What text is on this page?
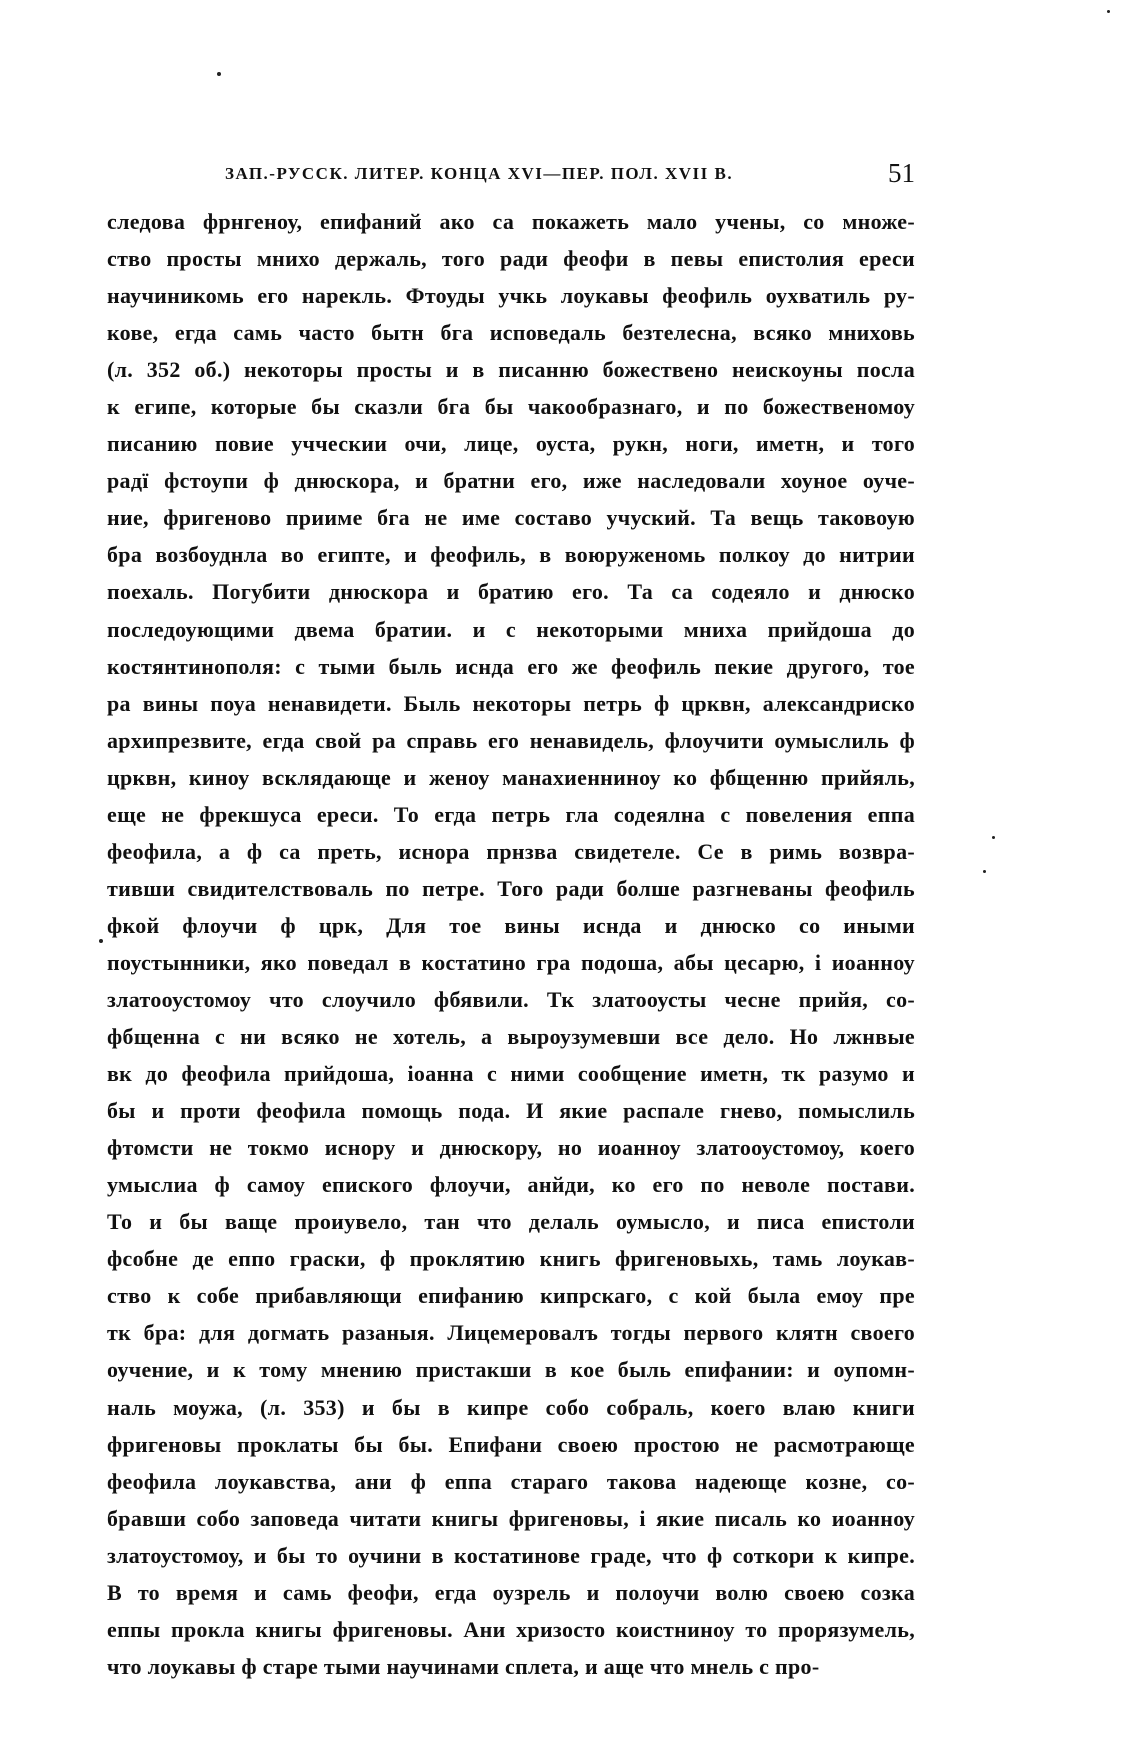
ЗАП.-РУССК. ЛИТЕР. КОНЦА XVI—ПЕР. ПОЛ. XVII В.	51
следова фрнгеноу, епифаний ако са покажеть мало учены, со множе-
ство просты мнихо держаль, того ради феофи в певы епистолия ереси
научиникомь его нарекль. Фтоуды учкь лоукавы феофиль оухватиль ру-
кове, егда самь часто бытн бга исповедаль безтелесна, всяко мниховь
(л. 352 об.) некоторы просты и в писанню божествено неискоуны посла
к египе, которые бы сказли бга бы чакообразнаго, и по божественомоу
писанию повие учческии очи, лице, оуста, рукн, ноги, иметн, и того
радї фстоупи ф днюскора, и братни его, иже наследовали хоуное оуче-
ние, фригеново прииме бга не име составо учуский. Та вещь таковоую
бра возбоуднла во египте, и феофиль, в воюруженомь полкоу до нитрии
поехаль. Погубити днюскора и братию его. Та са содеяло и днюско
последоующими двема братии. и с некоторыми мниха прийдоша до
костянтинополя: с тыми быль иснда его же феофиль пекие другого, тое
ра вины поуа ненавидети. Быль некоторы петрь ф црквн, александриско
архипрезвите, егда свой ра справь его ненавидель, флоучити оумыслиль ф
црквн, киноу всклядающе и женоу манахиенниноу ко фбщенню прийяль,
еще не фрекшуса ереси. То егда петрь гла содеялна с повеления еппа
феофила, а ф са преть, иснора прнзва свидетеле. Се в римь возвра-
тивши свидителствоваль по петре. Того ради болше разгневаны феофиль
фкой флоучи ф црк, Для тое вины иснда и днюско со иными
поустынники, яко поведал в костатино гра подоша, абы цесарю, і иоанноу
златооустомоу что слоучило фбявили. Тк златооусты чесне прийя, со-
фбщенна с ни всяко не хотель, а выроузумевши все дело. Но лжнвые
вк до феофила прийдоша, іоанна с ними сообщение иметн, тк разумо и
бы и проти феофила помощь пода. И якие распале гнево, помыслиль
фтомсти не токмо иснору и днюскору, но иоанноу златооустомоу, коего
умыслиа ф самоу епиского флоучи, анйди, ко его по неволе постави.
То и бы ваще проиувело, тан что делаль оумысло, и писа епистоли
фсобне де еппо граски, ф проклятию книгь фригеновыхь, тамь лоукав-
ство к собе прибавляющи епифанию кипрскаго, с кой была емоу пре
тк бра: для догмать разаныя. Лицемеровалъ тогды первого клятн своего
оучение, и к тому мнению пристакши в кое быль епифании: и оупомн-
наль моужа, (л. 353) и бы в кипре собо собраль, коего влаю книги
фригеновы проклаты бы бы. Епифани своею простою не расмотрающе
феофила лоукавства, ани ф еппа стараго такова надеюще козне, со-
бравши собо заповеда читати книгы фригеновы, і якие писаль ко иоанноу
златоустомоу, и бы то оучини в костатинове граде, что ф соткори к кипре.
В то время и самь феофи, егда оузрель и полоучи волю своею созка
еппы прокла книгы фригеновы. Ани хризосто коистниноу то прорязумель,
что лоукавы ф старе тыми научинами сплета, и аще что мнель с про-
